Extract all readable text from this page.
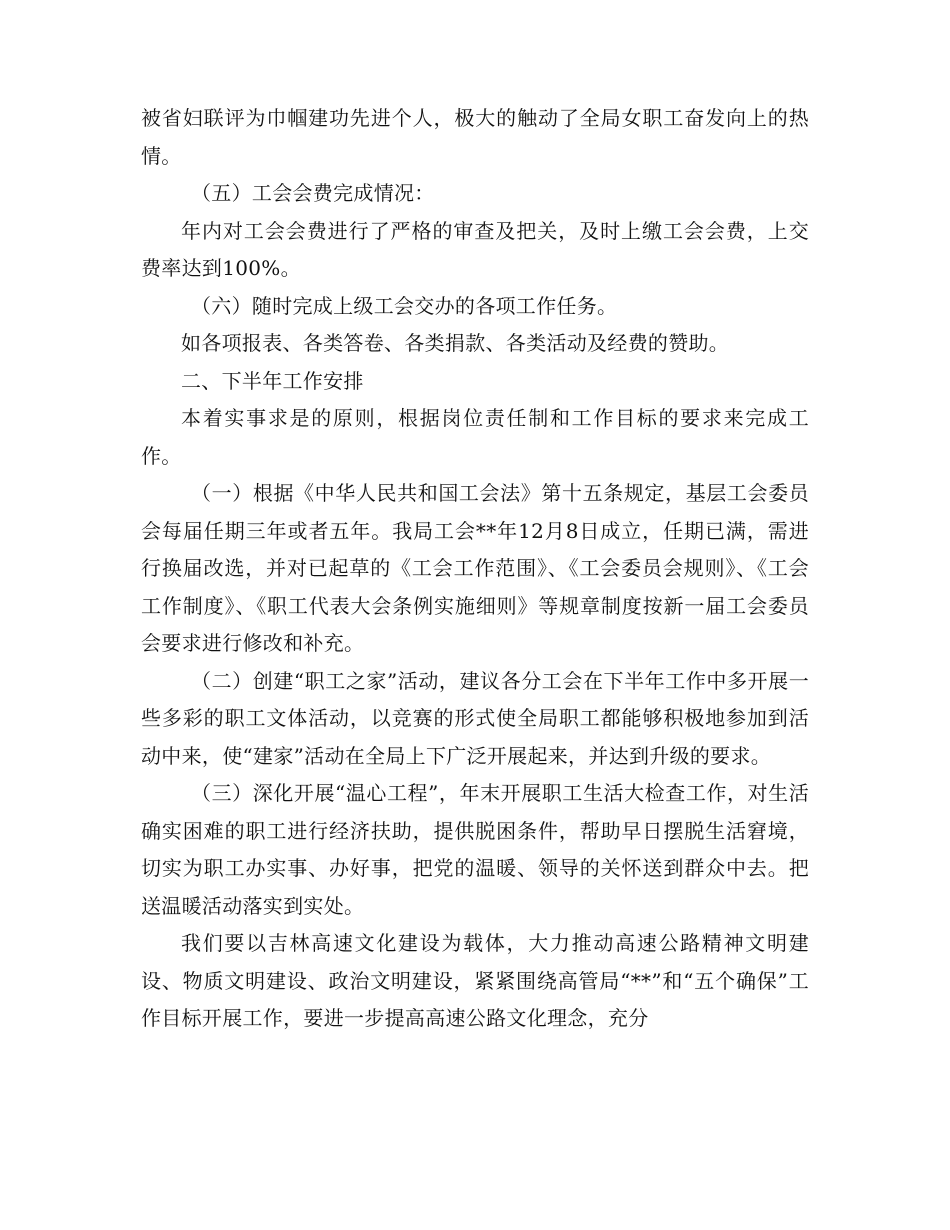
被省妇联评为巾帼建功先进个人，极大的触动了全局女职工奋发向上的热情。

（五）工会会费完成情况：

年内对工会会费进行了严格的审查及把关，及时上缴工会会费，上交费率达到100%。

（六）随时完成上级工会交办的各项工作任务。

如各项报表、各类答卷、各类捐款、各类活动及经费的赞助。

二、下半年工作安排

本着实事求是的原则，根据岗位责任制和工作目标的要求来完成工作。

（一）根据《中华人民共和国工会法》第十五条规定，基层工会委员会每届任期三年或者五年。我局工会**年12月8日成立，任期已满，需进行换届改选，并对已起草的《工会工作范围》、《工会委员会规则》、《工会工作制度》、《职工代表大会条例实施细则》等规章制度按新一届工会委员会要求进行修改和补充。

（二）创建“职工之家”活动，建议各分工会在下半年工作中多开展一些多彩的职工文体活动，以竞赛的形式使全局职工都能够积极地参加到活动中来，使“建家”活动在全局上下广泛开展起来，并达到升级的要求。

（三）深化开展“温心工程”，年末开展职工生活大检查工作，对生活确实困难的职工进行经济扶助，提供脱困条件，帮助早日摆脱生活窘境，切实为职工办实事、办好事，把党的温暖、领导的关怀送到群众中去。把送温暖活动落实到实处。

我们要以吉林高速文化建设为载体，大力推动高速公路精神文明建设、物质文明建设、政治文明建设，紧紧围绕高管局“**”和“五个确保”工作目标开展工作，要进一步提高高速公路文化理念，充分
